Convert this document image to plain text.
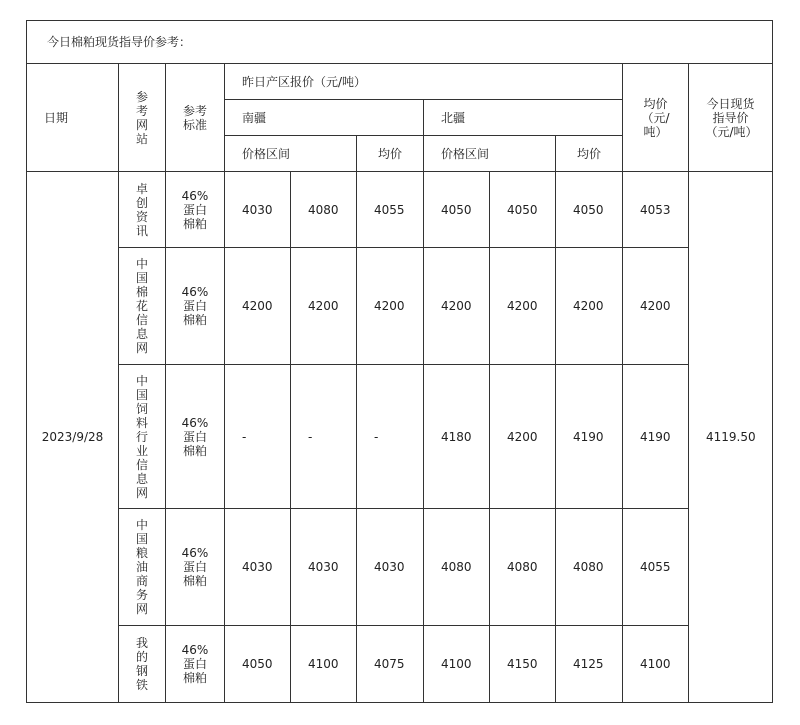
今日棉粕现货指导价参考：										
日期	参考网站	参考标准	昨日产区报价（元/吨）						均价（元/吨）	今日现货指导价（元/吨）

			南疆			北疆				
			价格区间		均价	价格区间		均价		
2023/9/28	卓创资讯	46%蛋白棉粕	4030	4080	4055	4050	4050	4050	4053	4119.50

	中国棉花信息网	46%蛋白棉粕	4200	4200	4200	4200	4200	4200	4200	

	中国饲料行业信息网	46%蛋白棉粕	-	-	-	4180	4200	4190	4190	

	中国粮油商务网	46%蛋白棉粕	4030	4030	4030	4080	4080	4080	4055	

	我的钢铁	46%蛋白棉粕	4050	4100	4075	4100	4150	4125	4100	
